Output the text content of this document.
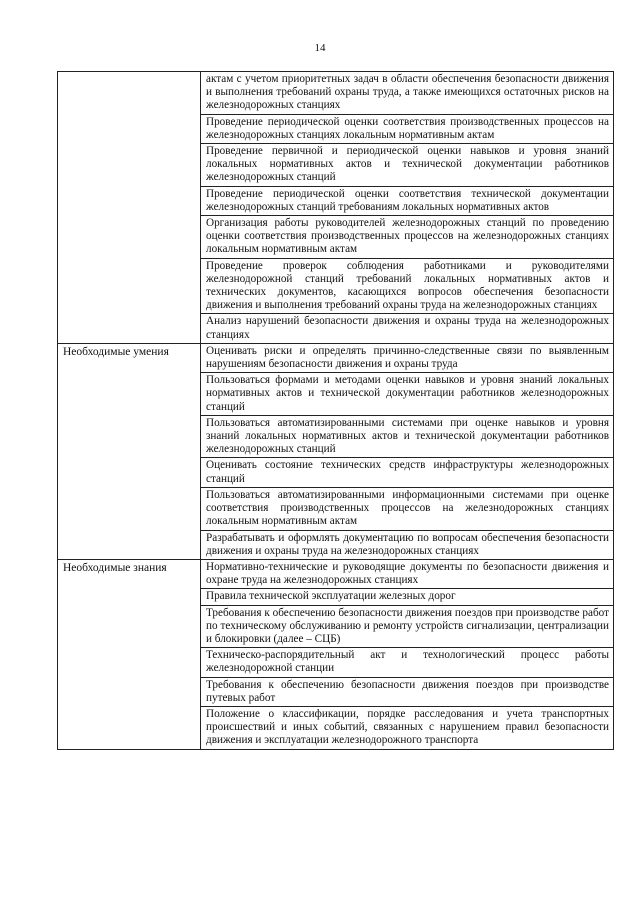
14
	актам с учетом приоритетных задач в области обеспечения безопасности движения и выполнения требований охраны труда, а также имеющихся остаточных рисков на железнодорожных станциях
	Проведение периодической оценки соответствия производственных процессов на железнодорожных станциях локальным нормативным актам
	Проведение первичной и периодической оценки навыков и уровня знаний локальных нормативных актов и технической документации работников железнодорожных станций
	Проведение периодической оценки соответствия технической документации железнодорожных станций требованиям локальных нормативных актов
	Организация работы руководителей железнодорожных станций по проведению оценки соответствия производственных процессов на железнодорожных станциях локальным нормативным актам
	Проведение проверок соблюдения работниками и руководителями железнодорожной станций требований локальных нормативных актов и технических документов, касающихся вопросов обеспечения безопасности движения и выполнения требований охраны труда на железнодорожных станциях
	Анализ нарушений безопасности движения и охраны труда на железнодорожных станциях
Необходимые умения	Оценивать риски и определять причинно-следственные связи по выявленным нарушениям безопасности движения и охраны труда
	Пользоваться формами и методами оценки навыков и уровня знаний локальных нормативных актов и технической документации работников железнодорожных станций
	Пользоваться автоматизированными системами при оценке навыков и уровня знаний локальных нормативных актов и технической документации работников железнодорожных станций
	Оценивать состояние технических средств инфраструктуры железнодорожных станций
	Пользоваться автоматизированными информационными системами при оценке соответствия производственных процессов на железнодорожных станциях локальным нормативным актам
	Разрабатывать и оформлять документацию по вопросам обеспечения безопасности движения и охраны труда на железнодорожных станциях
Необходимые знания	Нормативно-технические и руководящие документы по безопасности движения и охране труда на железнодорожных станциях
	Правила технической эксплуатации железных дорог
	Требования к обеспечению безопасности движения поездов при производстве работ по техническому обслуживанию и ремонту устройств сигнализации, централизации и блокировки (далее – СЦБ)
	Техническо-распорядительный акт и технологический процесс работы железнодорожной станции
	Требования к обеспечению безопасности движения поездов при производстве путевых работ
	Положение о классификации, порядке расследования и учета транспортных происшествий и иных событий, связанных с нарушением правил безопасности движения и эксплуатации железнодорожного транспорта
